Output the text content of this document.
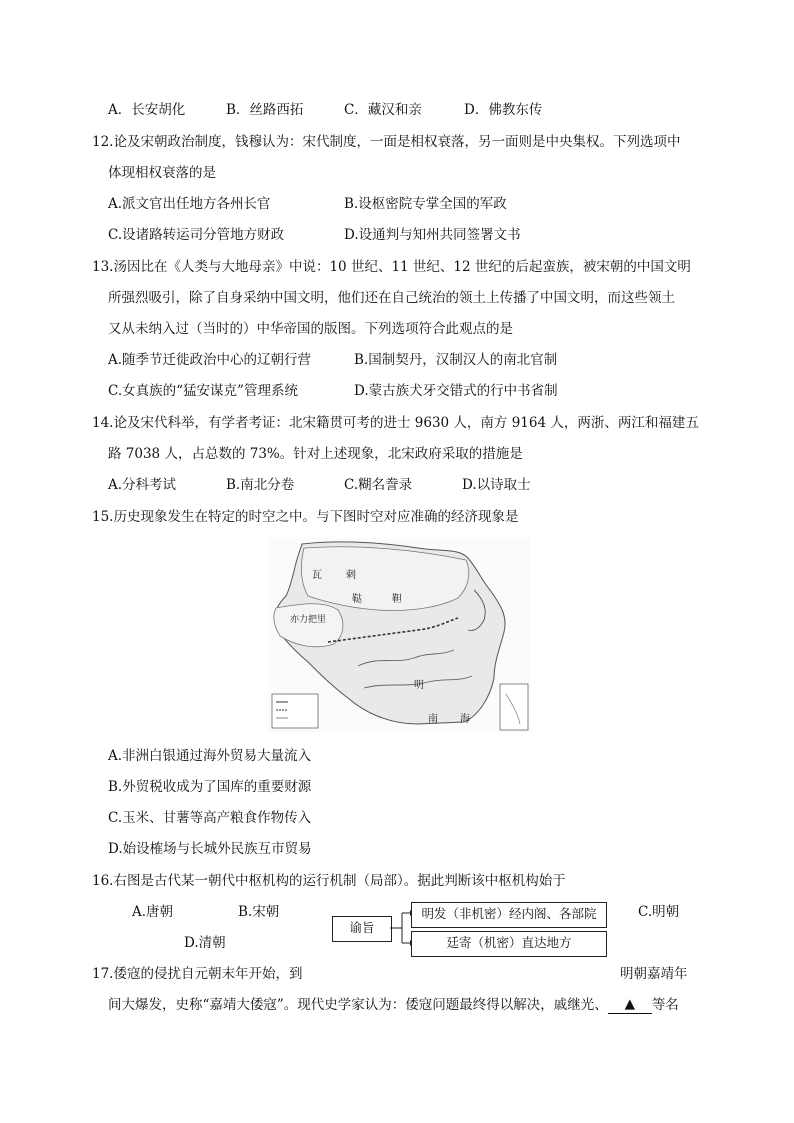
A．长安胡化	B．丝路西拓	C．藏汉和亲	D．佛教东传
12.论及宋朝政治制度，钱穆认为：宋代制度，一面是相权衰落，另一面则是中央集权。下列选项中
体现相权衰落的是
A.派文官出任地方各州长官	B.设枢密院专掌全国的军政
C.设诸路转运司分管地方财政	D.设通判与知州共同签署文书
13.汤因比在《人类与大地母亲》中说：10 世纪、11 世纪、12 世纪的后起蛮族，被宋朝的中国文明
所强烈吸引，除了自身采纳中国文明，他们还在自己统治的领土上传播了中国文明，而这些领土
又从未纳入过（当时的）中华帝国的版图。下列选项符合此观点的是
A.随季节迁徙政治中心的辽朝行营	B.国制契丹，汉制汉人的南北官制
C.女真族的“猛安谋克”管理系统	D.蒙古族犬牙交错式的行中书省制
14.论及宋代科举，有学者考证：北宋籍贯可考的进士 9630 人，南方 9164 人，两浙、两江和福建五
路 7038 人，占总数的 73%。针对上述现象，北宋政府采取的措施是
A.分科考试	B.南北分卷	C.糊名誊录	D.以诗取士
15.历史现象发生在特定的时空之中。与下图时空对应准确的经济现象是
瓦 剌
鞑	靼
亦力把里
明
南 海
A.非洲白银通过海外贸易大量流入
B.外贸税收成为了国库的重要财源
C.玉米、甘薯等高产粮食作物传入
D.始设榷场与长城外民族互市贸易
16.右图是古代某一朝代中枢机构的运行机制（局部）。据此判断该中枢机构始于
A.唐朝	B.宋朝	C.明朝
D.清朝
谕旨
明发（非机密）经内阁、各部院
廷寄（机密）直达地方
17.倭寇的侵扰自元朝末年开始，到	明朝嘉靖年
间大爆发，史称“嘉靖大倭寇”。现代史学家认为：倭寇问题最终得以解决，戚继光、 ▲ 等名
